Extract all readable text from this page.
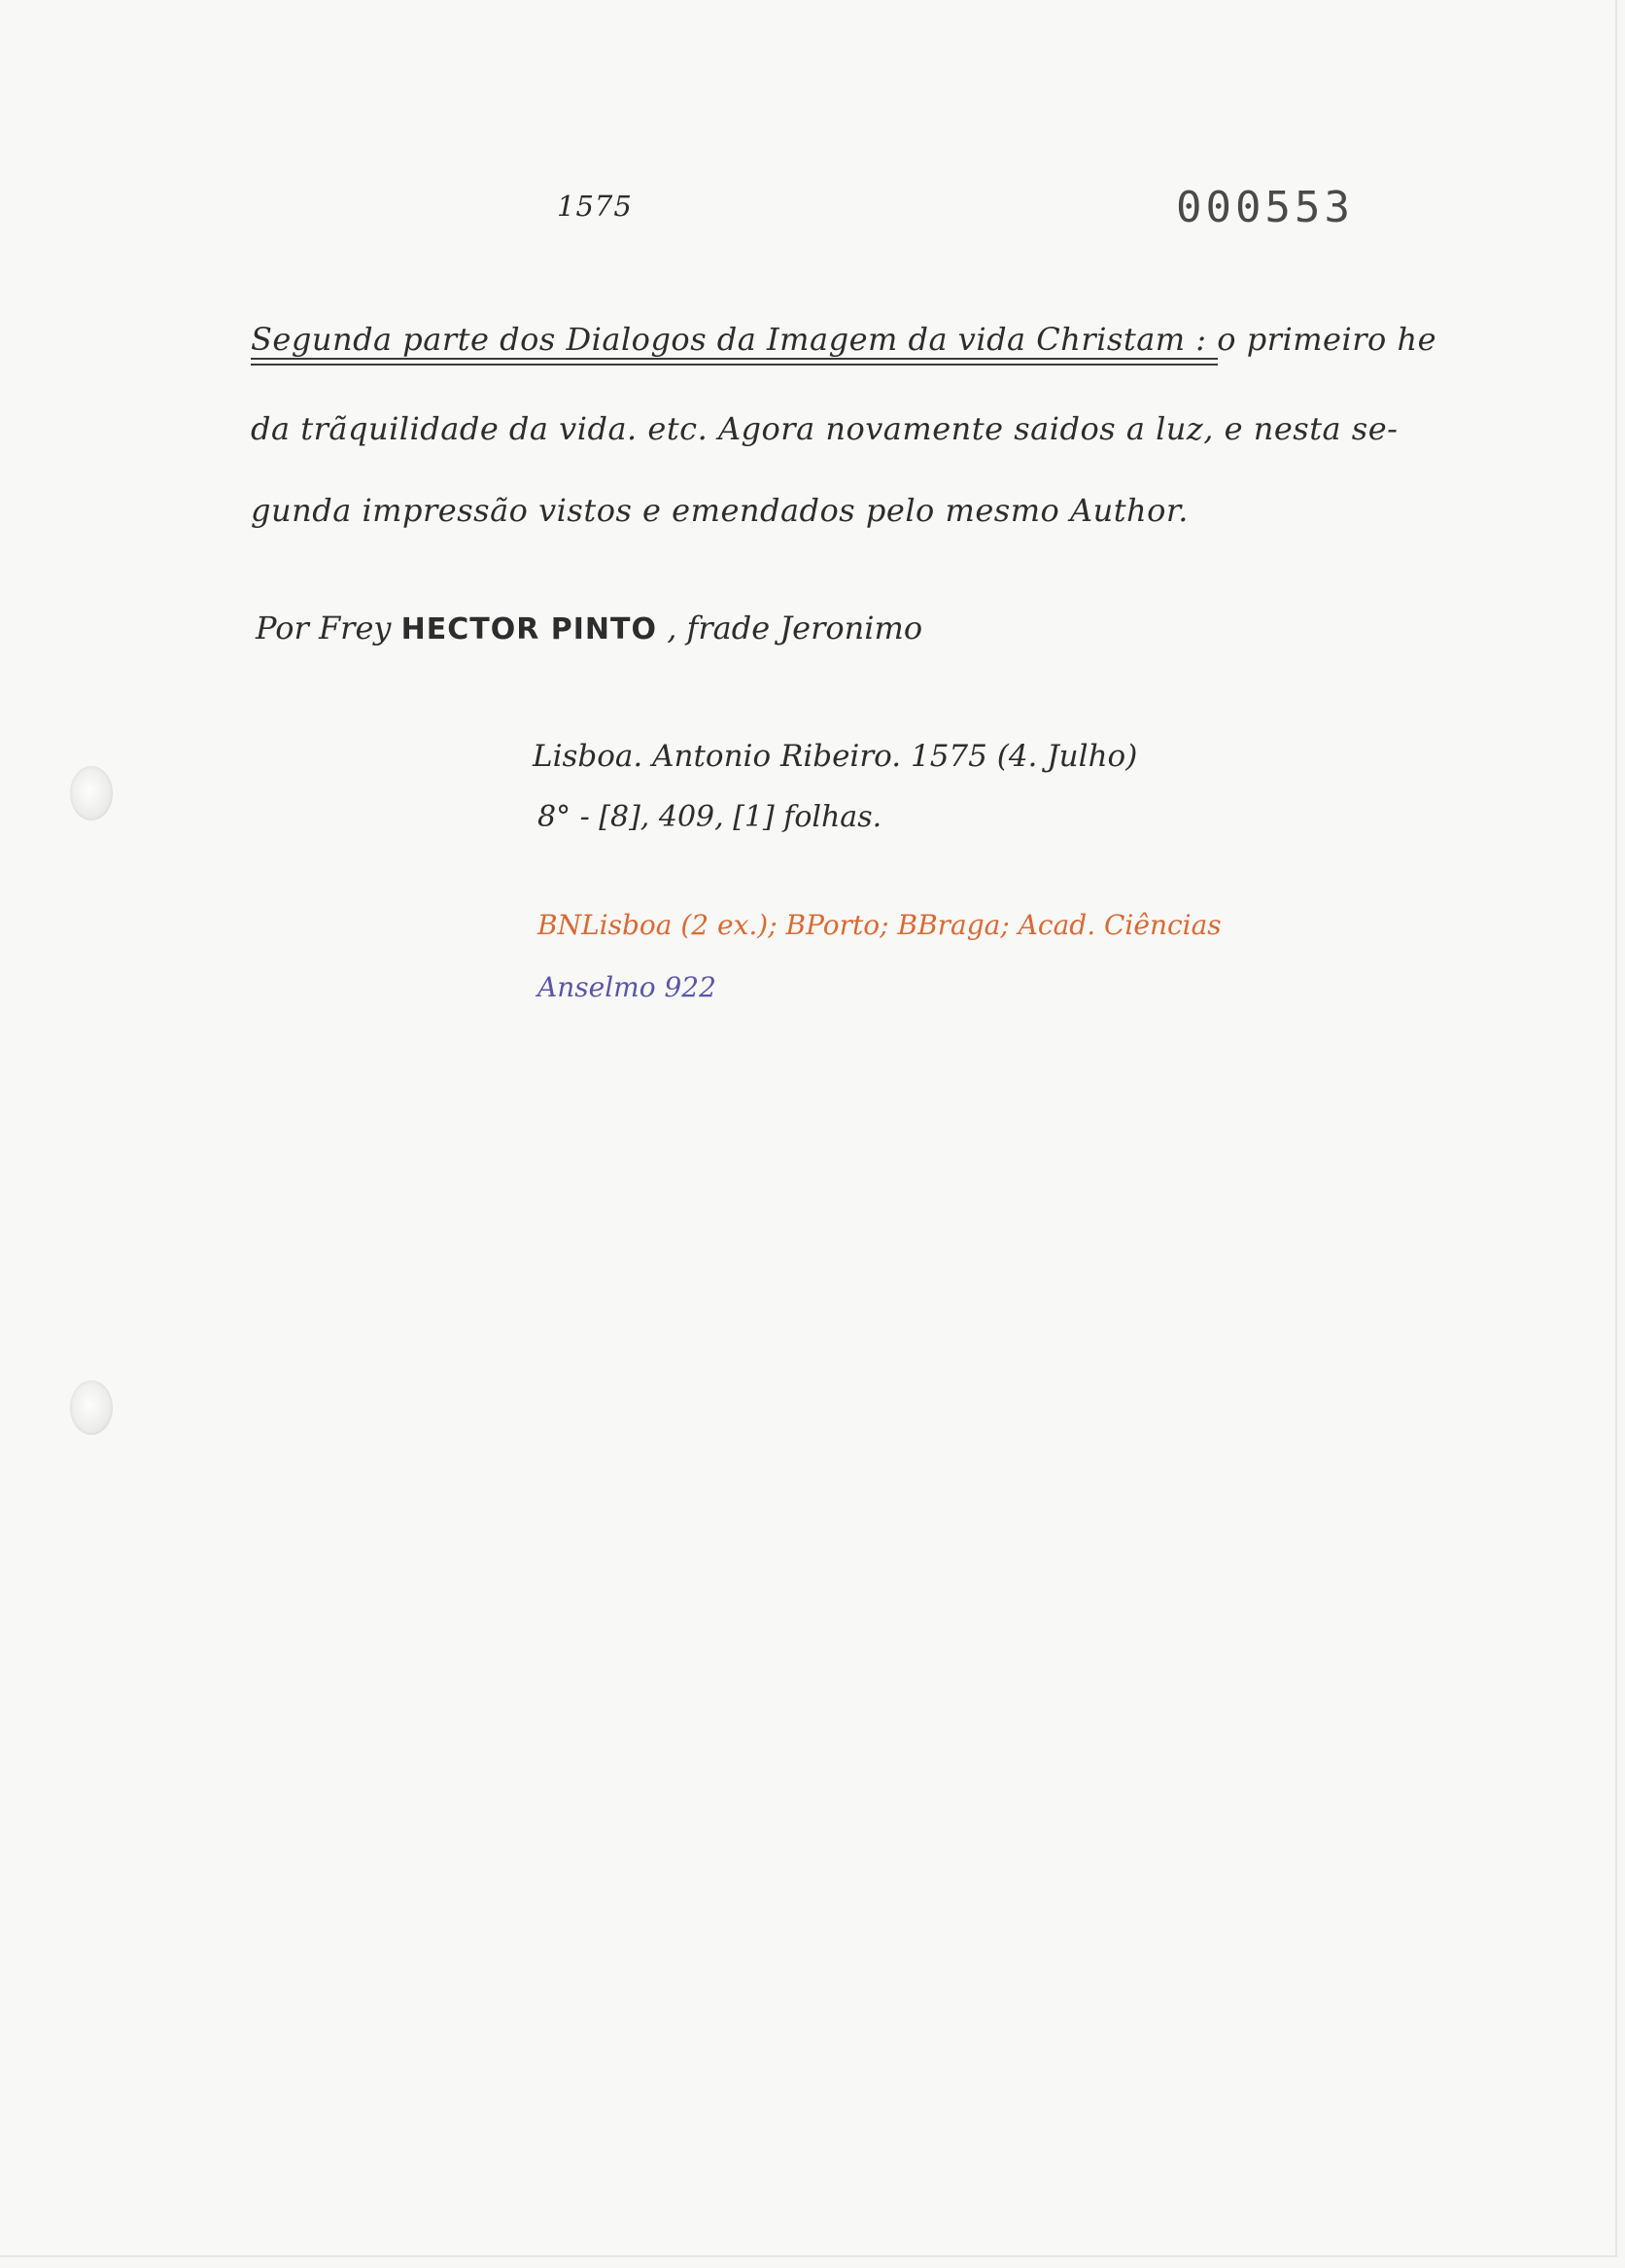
1575	000553
Segunda parte dos Dialogos da Imagem da vida Christam : o primeiro he
da trãquilidade da vida. etc. Agora novamente saidos a luz, e nesta se-
gunda impressão vistos e emendados pelo mesmo Author.
Por Frey HECTOR PINTO , frade Jeronimo
Lisboa. Antonio Ribeiro. 1575 (4. Julho)
8° - [8], 409, [1] folhas.
BNLisboa (2 ex.); BPorto; BBraga; Acad. Ciências
Anselmo 922
